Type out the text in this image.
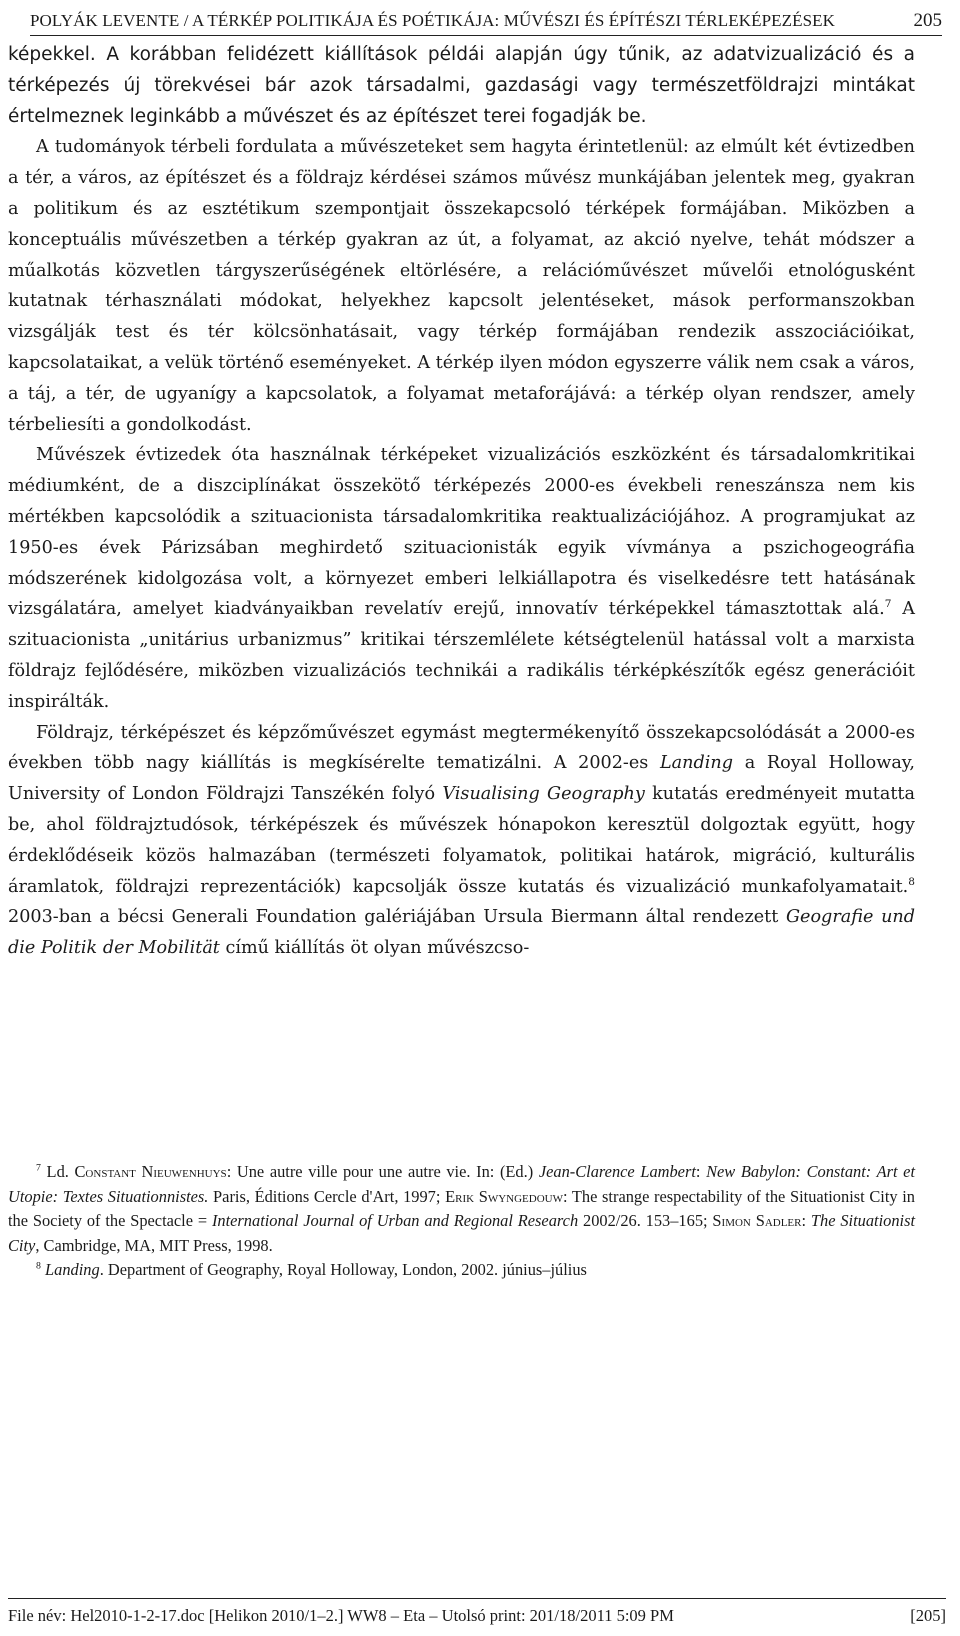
POLYÁK LEVENTE / A TÉRKÉP POLITIKÁJA ÉS POÉTIKÁJA: MŰVÉSZI ÉS ÉPÍTÉSZI TÉRLEKÉPEZÉSEK	205

képekkel. A korábban felidézett kiállítások példái alapján úgy tűnik, az adatvizualizáció és a térképezés új törekvései bár azok társadalmi, gazdasági vagy természetföldrajzi mintákat értelmeznek leginkább a művészet és az építészet terei fogadják be.

A tudományok térbeli fordulata a művészeteket sem hagyta érintetlenül: az elmúlt két évtizedben a tér, a város, az építészet és a földrajz kérdései számos művész munkájában jelentek meg, gyakran a politikum és az esztétikum szempontjait összekapcsoló térképek formájában. Miközben a konceptuális művészetben a térkép gyakran az út, a folyamat, az akció nyelve, tehát módszer a műalkotás közvetlen tárgyszerűségének eltörlésére, a relációművészet művelői etnológusként kutatnak térhasználati módokat, helyekhez kapcsolt jelentéseket, mások performanszokban vizsgálják test és tér kölcsönhatásait, vagy térkép formájában rendezik asszociációikat, kapcsolataikat, a velük történő eseményeket. A térkép ilyen módon egyszerre válik nem csak a város, a táj, a tér, de ugyanígy a kapcsolatok, a folyamat metaforájává: a térkép olyan rendszer, amely térbeliesíti a gondolkodást.

Művészek évtizedek óta használnak térképeket vizualizációs eszközként és társadalomkritikai médiumként, de a diszciplínákat összekötő térképezés 2000-es évekbeli reneszánsza nem kis mértékben kapcsolódik a szituacionista társadalomkritika reaktualizációjához. A programjukat az 1950-es évek Párizsában meghirdető szituacionisták egyik vívmánya a pszichogeográfia módszerének kidolgozása volt, a környezet emberi lelkiállapotra és viselkedésre tett hatásának vizsgálatára, amelyet kiadványaikban revelatív erejű, innovatív térképekkel támasztottak alá.$^7$ A szituacionista „unitárius urbanizmus” kritikai térszemlélete kétségtelenül hatással volt a marxista földrajz fejlődésére, miközben vizualizációs technikái a radikális térképkészítők egész generációit inspirálták.

Földrajz, térképészet és képzőművészet egymást megtermékenyítő összekapcsolódását a 2000-es években több nagy kiállítás is megkísérelte tematizálni. A 2002-es Landing a Royal Holloway, University of London Földrajzi Tanszékén folyó Visualising Geography kutatás eredményeit mutatta be, ahol földrajztudósok, térképészek és művészek hónapokon keresztül dolgoztak együtt, hogy érdeklődéseik közös halmazában (természeti folyamatok, politikai határok, migráció, kulturális áramlatok, földrajzi reprezentációk) kapcsolják össze kutatás és vizualizáció munkafolyamatait.$^8$ 2003-ban a bécsi Generali Foundation galériájában Ursula Biermann által rendezett Geografie und die Politik der Mobilität című kiállítás öt olyan művészcso-

$^7$ Ld. Constant Nieuwenhuys: Une autre ville pour une autre vie. In: (Ed.) Jean-Clarence Lambert: New Babylon: Constant: Art et Utopie: Textes Situationnistes. Paris, Éditions Cercle d'Art, 1997; Erik Swyngedouw: The strange respectability of the Situationist City in the Society of the Spectacle = International Journal of Urban and Regional Research 2002/26. 153–165; Simon Sadler: The Situationist City, Cambridge, MA, MIT Press, 1998.

$^8$ Landing. Department of Geography, Royal Holloway, London, 2002. június–július

File név: Hel2010-1-2-17.doc [Helikon 2010/1–2.] WW8 – Eta – Utolsó print: 201/18/2011 5:09 PM	[205]
